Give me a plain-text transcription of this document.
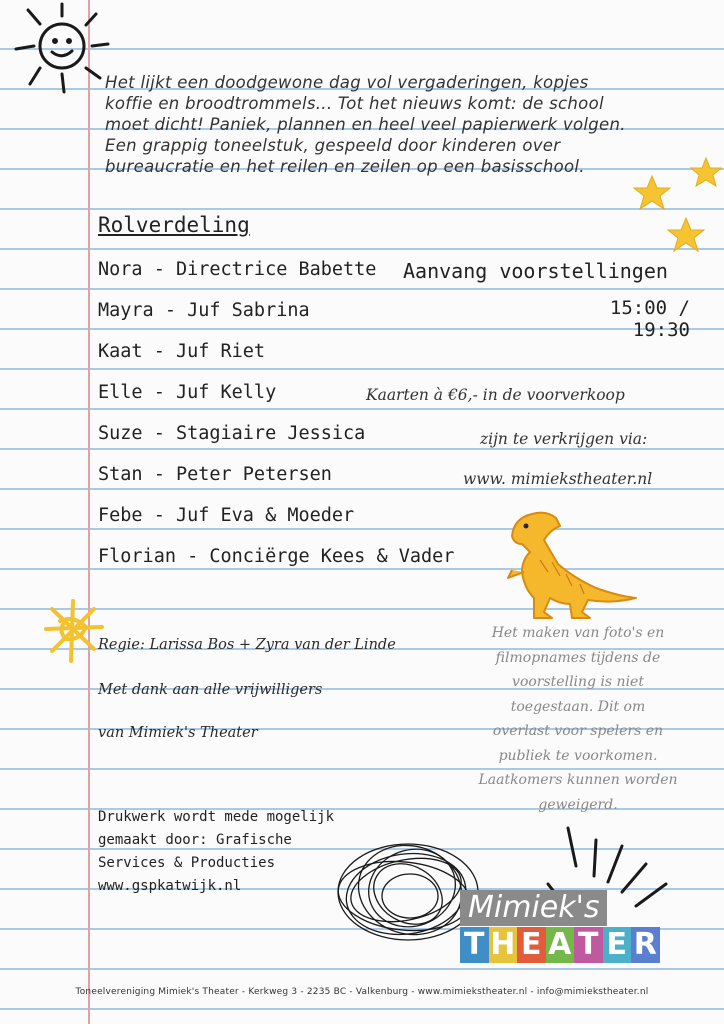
Het lijkt een doodgewone dag vol vergaderingen, kopjes
koffie en broodtrommels... Tot het nieuws komt: de school
moet dicht! Paniek, plannen en heel veel papierwerk volgen.
Een grappig toneelstuk, gespeeld door kinderen over
bureaucratie en het reilen en zeilen op een basisschool.
Rolverdeling
Nora - Directrice Babette
Mayra - Juf Sabrina
Kaat - Juf Riet
Elle - Juf Kelly
Suze - Stagiaire Jessica
Stan - Peter Petersen
Febe - Juf Eva & Moeder
Florian - Conciërge Kees & Vader
Aanvang voorstellingen
15:00 / 19:30
Kaarten à €6,- in de voorverkoop
zijn te verkrijgen via:
www. mimiekstheater.nl
Regie: Larissa Bos + Zyra van der Linde
Met dank aan alle vrijwilligers
van Mimiek's Theater
Het maken van foto's en
filmopnames tijdens de
voorstelling is niet
toegestaan. Dit om
overlast voor spelers en
publiek te voorkomen.
Laatkomers kunnen worden
geweigerd.
Drukwerk wordt mede mogelijk
gemaakt door: Grafische
Services & Producties
www.gspkatwijk.nl
Mimiek's
T H E A T E R
Toneelvereniging Mimiek's Theater - Kerkweg 3 - 2235 BC - Valkenburg - www.mimiekstheater.nl - info@mimiekstheater.nl
